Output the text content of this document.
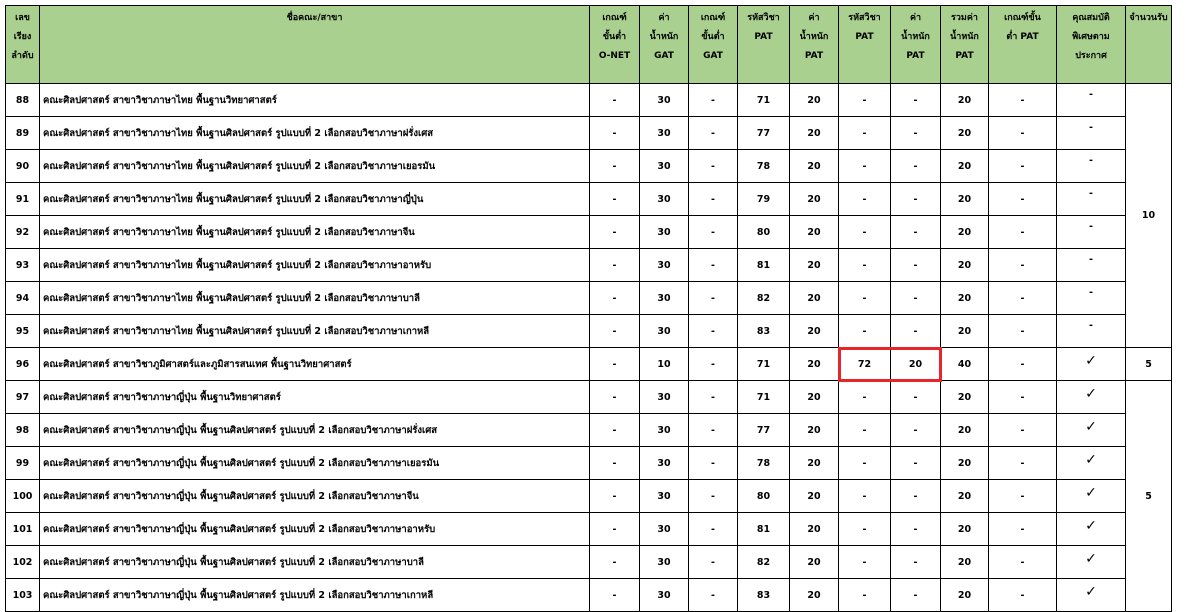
เลข
เรียง
ลำดับ	ชื่อคณะ/สาขา	เกณฑ์
ขั้นต่ำ
O-NET	ค่า
น้ำหนัก
GAT	เกณฑ์
ขั้นต่ำ
GAT	รหัสวิชา
PAT	ค่า
น้ำหนัก
PAT	รหัสวิชา
PAT	ค่า
น้ำหนัก
PAT	รวมค่า
น้ำหนัก
PAT	เกณฑ์ขั้น
ต่ำ PAT	คุณสมบัติ
พิเศษตาม
ประกาศ	จำนวนรับ

88	คณะศิลปศาสตร์ สาขาวิชาภาษาไทย พื้นฐานวิทยาศาสตร์	-	30	-	71	20	-	-	20	-	-	10
89	คณะศิลปศาสตร์ สาขาวิชาภาษาไทย พื้นฐานศิลปศาสตร์ รูปแบบที่ 2 เลือกสอบวิชาภาษาฝรั่งเศส	-	30	-	77	20	-	-	20	-	-	
90	คณะศิลปศาสตร์ สาขาวิชาภาษาไทย พื้นฐานศิลปศาสตร์ รูปแบบที่ 2 เลือกสอบวิชาภาษาเยอรมัน	-	30	-	78	20	-	-	20	-	-	
91	คณะศิลปศาสตร์ สาขาวิชาภาษาไทย พื้นฐานศิลปศาสตร์ รูปแบบที่ 2 เลือกสอบวิชาภาษาญี่ปุ่น	-	30	-	79	20	-	-	20	-	-	
92	คณะศิลปศาสตร์ สาขาวิชาภาษาไทย พื้นฐานศิลปศาสตร์ รูปแบบที่ 2 เลือกสอบวิชาภาษาจีน	-	30	-	80	20	-	-	20	-	-	
93	คณะศิลปศาสตร์ สาขาวิชาภาษาไทย พื้นฐานศิลปศาสตร์ รูปแบบที่ 2 เลือกสอบวิชาภาษาอาหรับ	-	30	-	81	20	-	-	20	-	-	
94	คณะศิลปศาสตร์ สาขาวิชาภาษาไทย พื้นฐานศิลปศาสตร์ รูปแบบที่ 2 เลือกสอบวิชาภาษาบาลี	-	30	-	82	20	-	-	20	-	-	
95	คณะศิลปศาสตร์ สาขาวิชาภาษาไทย พื้นฐานศิลปศาสตร์ รูปแบบที่ 2 เลือกสอบวิชาภาษาเกาหลี	-	30	-	83	20	-	-	20	-	-	
96	คณะศิลปศาสตร์ สาขาวิชาภูมิศาสตร์และภูมิสารสนเทศ พื้นฐานวิทยาศาสตร์	-	10	-	71	20	72	20	40	-	✓	5
97	คณะศิลปศาสตร์ สาขาวิชาภาษาญี่ปุ่น พื้นฐานวิทยาศาสตร์	-	30	-	71	20	-	-	20	-	✓	5
98	คณะศิลปศาสตร์ สาขาวิชาภาษาญี่ปุ่น พื้นฐานศิลปศาสตร์ รูปแบบที่ 2 เลือกสอบวิชาภาษาฝรั่งเศส	-	30	-	77	20	-	-	20	-	✓	
99	คณะศิลปศาสตร์ สาขาวิชาภาษาญี่ปุ่น พื้นฐานศิลปศาสตร์ รูปแบบที่ 2 เลือกสอบวิชาภาษาเยอรมัน	-	30	-	78	20	-	-	20	-	✓	
100	คณะศิลปศาสตร์ สาขาวิชาภาษาญี่ปุ่น พื้นฐานศิลปศาสตร์ รูปแบบที่ 2 เลือกสอบวิชาภาษาจีน	-	30	-	80	20	-	-	20	-	✓	
101	คณะศิลปศาสตร์ สาขาวิชาภาษาญี่ปุ่น พื้นฐานศิลปศาสตร์ รูปแบบที่ 2 เลือกสอบวิชาภาษาอาหรับ	-	30	-	81	20	-	-	20	-	✓	
102	คณะศิลปศาสตร์ สาขาวิชาภาษาญี่ปุ่น พื้นฐานศิลปศาสตร์ รูปแบบที่ 2 เลือกสอบวิชาภาษาบาลี	-	30	-	82	20	-	-	20	-	✓	
103	คณะศิลปศาสตร์ สาขาวิชาภาษาญี่ปุ่น พื้นฐานศิลปศาสตร์ รูปแบบที่ 2 เลือกสอบวิชาภาษาเกาหลี	-	30	-	83	20	-	-	20	-	✓	
